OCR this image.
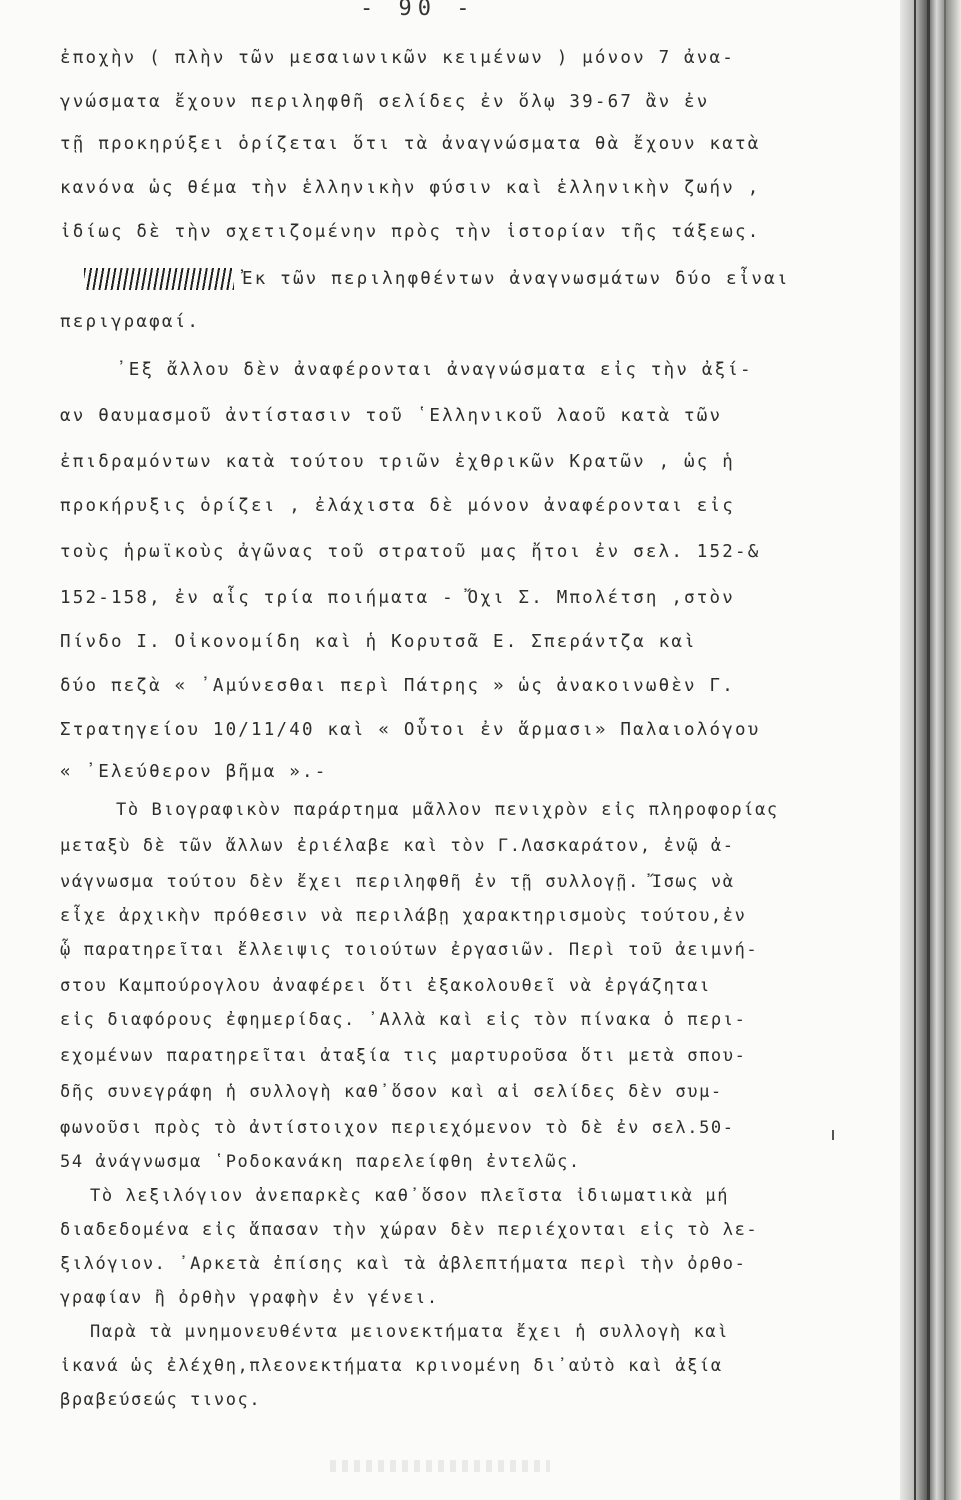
- 90 -
ἐποχὴν ( πλὴν τῶν μεσαιωνικῶν κειμένων ) μόνον 7 ἀνα-
γνώσματα ἔχουν περιληφθῆ σελίδες ἐν ὅλῳ 39-67 ἂν ἐν
τῇ προκηρύξει ὁρίζεται ὅτι τὰ ἀναγνώσματα θὰ ἔχουν κατὰ
κανόνα ὡς θέμα τὴν ἑλληνικὴν φύσιν καὶ ἑλληνικὴν ζωήν ,
ἰδίως δὲ τὴν σχετιζομένην πρὸς τὴν ἱστορίαν τῆς τάξεως.
Ἐκ τῶν περιληφθέντων ἀναγνωσμάτων δύο εἶναι
περιγραφαί.
᾿Εξ ἄλλου δὲν ἀναφέρονται ἀναγνώσματα εἰς τὴν ἀξί-
αν θαυμασμοῦ ἀντίστασιν τοῦ ῾Ελληνικοῦ λαοῦ κατὰ τῶν
ἐπιδραμόντων κατὰ τούτου τριῶν ἐχθρικῶν Κρατῶν , ὡς ἡ
προκήρυξις ὁρίζει , ἐλάχιστα δὲ μόνον ἀναφέρονται εἰς
τοὺς ἡρωϊκοὺς ἀγῶνας τοῦ στρατοῦ μας ἤτοι ἐν σελ. 152-&
152-158, ἐν αἷς τρία ποιήματα - Ὄχι Σ. Μπολέτση ,στὸν
Πίνδο Ι. Οἰκονομίδη καὶ ἡ Κορυτσᾶ Ε. Σπεράντζα καὶ
δύο πεζὰ « ᾿Αμύνεσθαι περὶ Πάτρης » ὡς ἀνακοινωθὲν Γ.
Στρατηγείου 10/11/40 καὶ « Οὗτοι ἐν ἅρμασι» Παλαιολόγου
« ᾿Ελεύθερον βῆμα ».-
Τὸ Βιογραφικὸν παράρτημα μᾶλλον πενιχρὸν εἰς πληροφορίας
μεταξὺ δὲ τῶν ἄλλων ἐριέλαβε καὶ τὸν Γ.Λασκαράτον, ἐνῷ ἀ-
νάγνωσμα τούτου δὲν ἔχει περιληφθῆ ἐν τῇ συλλογῇ. Ἴσως νὰ
εἶχε ἀρχικὴν πρόθεσιν νὰ περιλάβῃ χαρακτηρισμοὺς τούτου,ἐν
ᾧ παρατηρεῖται ἔλλειψις τοιούτων ἐργασιῶν. Περὶ τοῦ ἀειμνή-
στου Καμπούρογλου ἀναφέρει ὅτι ἐξακολουθεῖ νὰ ἐργάζηται
εἰς διαφόρους ἐφημερίδας. ᾿Αλλὰ καὶ εἰς τὸν πίνακα ὁ περι-
εχομένων παρατηρεῖται ἀταξία τις μαρτυροῦσα ὅτι μετὰ σπου-
δῆς συνεγράφη ἡ συλλογὴ καθ᾿ὅσον καὶ αἱ σελίδες δὲν συμ-
φωνοῦσι πρὸς τὸ ἀντίστοιχον περιεχόμενον τὸ δὲ ἐν σελ.50-
54 ἀνάγνωσμα ῾Ροδοκανάκη παρελείφθη ἐντελῶς.
Τὸ λεξιλόγιον ἀνεπαρκὲς καθ᾿ὅσον πλεῖστα ἰδιωματικὰ μή
διαδεδομένα εἰς ἅπασαν τὴν χώραν δὲν περιέχονται εἰς τὸ λε-
ξιλόγιον. ᾿Αρκετὰ ἐπίσης καὶ τὰ ἀβλεπτήματα περὶ τὴν ὀρθο-
γραφίαν ἢ ὀρθὴν γραφὴν ἐν γένει.
Παρὰ τὰ μνημονευθέντα μειονεκτήματα ἔχει ἡ συλλογὴ καὶ
ἱκανά ὡς ἐλέχθη,πλεονεκτήματα κρινομένη δι᾿αὐτὸ καὶ ἀξία
βραβεύσεώς τινος.
